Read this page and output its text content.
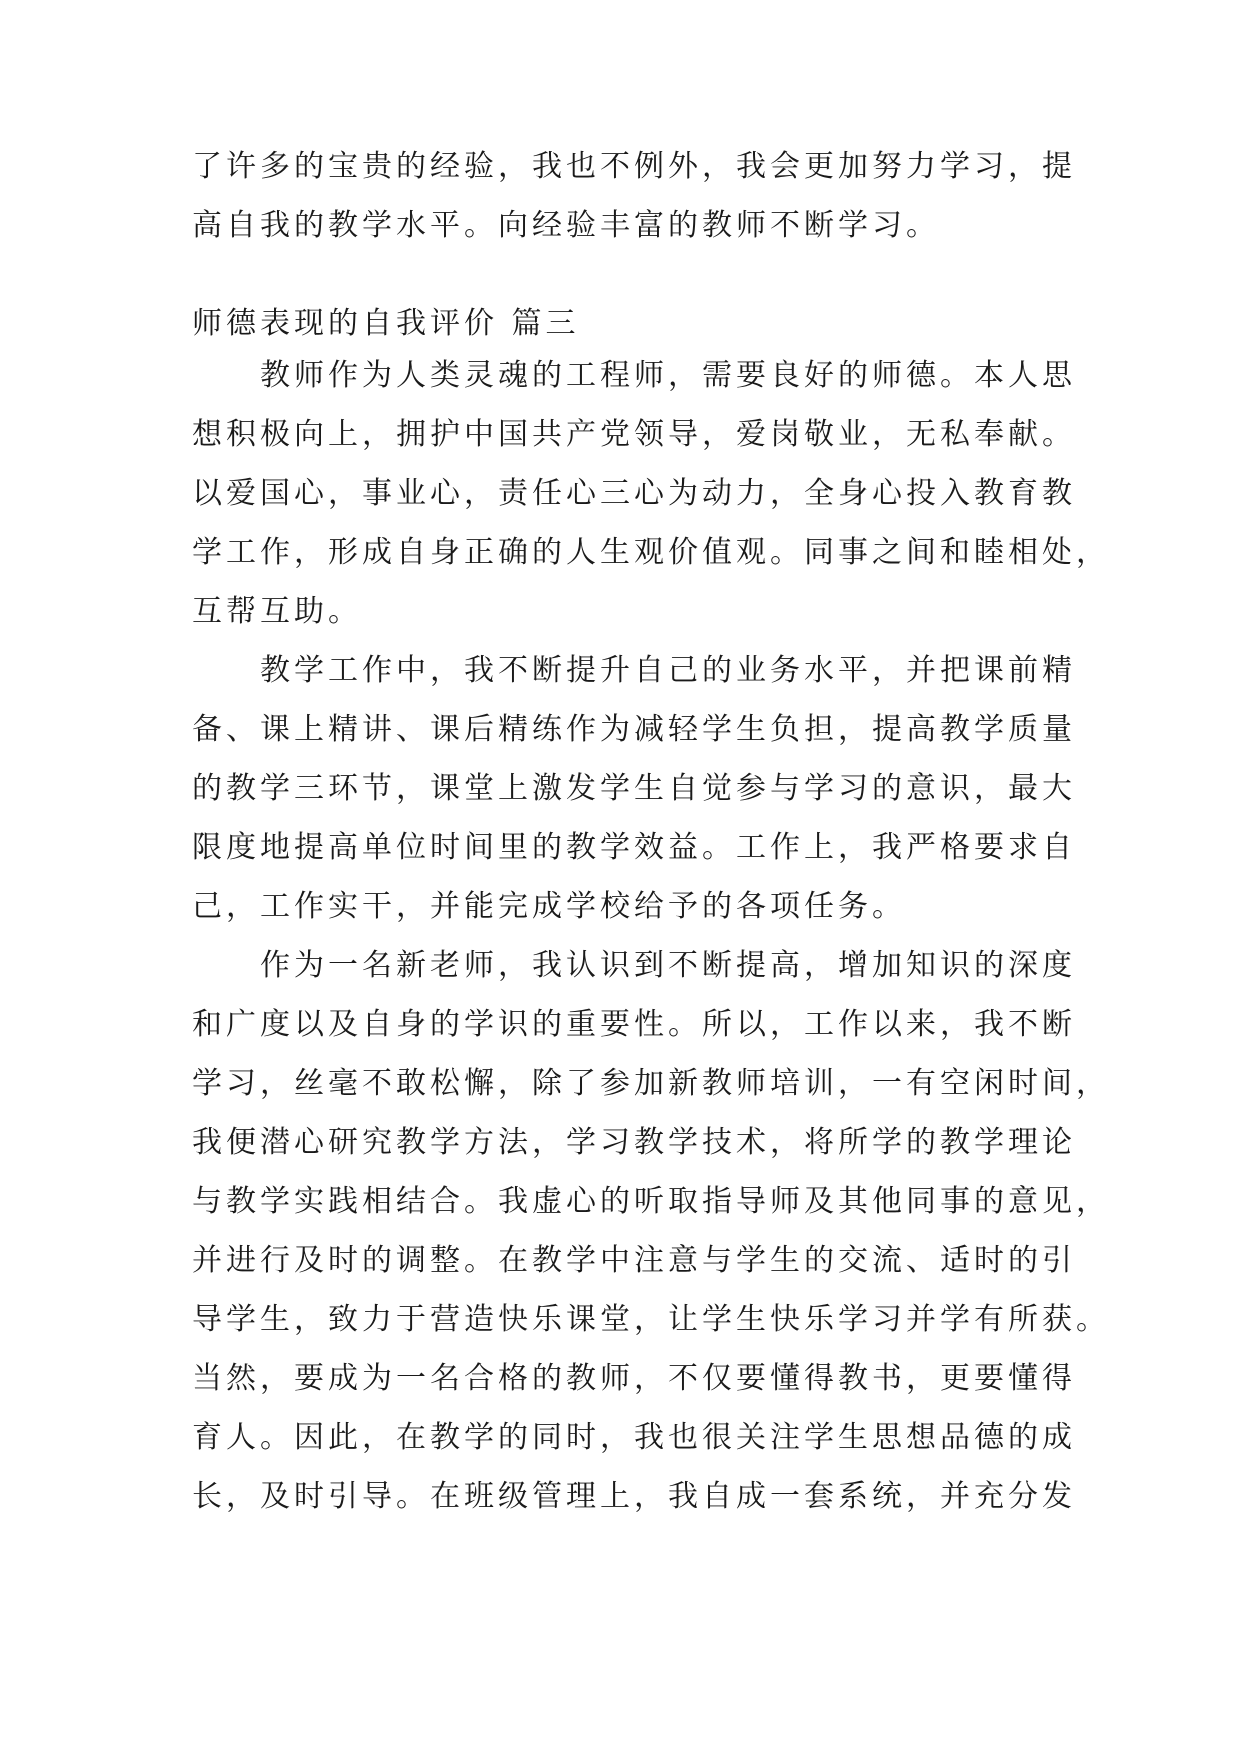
了许多的宝贵的经验，我也不例外，我会更加努力学习，提
高自我的教学水平。向经验丰富的教师不断学习。
师德表现的自我评价 篇三
教师作为人类灵魂的工程师，需要良好的师德。本人思
想积极向上，拥护中国共产党领导，爱岗敬业，无私奉献。
以爱国心，事业心，责任心三心为动力，全身心投入教育教
学工作，形成自身正确的人生观价值观。同事之间和睦相处，
互帮互助。
教学工作中，我不断提升自己的业务水平，并把课前精
备、课上精讲、课后精练作为减轻学生负担，提高教学质量
的教学三环节，课堂上激发学生自觉参与学习的意识，最大
限度地提高单位时间里的教学效益。工作上，我严格要求自
己，工作实干，并能完成学校给予的各项任务。
作为一名新老师，我认识到不断提高，增加知识的深度
和广度以及自身的学识的重要性。所以，工作以来，我不断
学习，丝毫不敢松懈，除了参加新教师培训，一有空闲时间，
我便潜心研究教学方法，学习教学技术，将所学的教学理论
与教学实践相结合。我虚心的听取指导师及其他同事的意见，
并进行及时的调整。在教学中注意与学生的交流、适时的引
导学生，致力于营造快乐课堂，让学生快乐学习并学有所获。
当然，要成为一名合格的教师，不仅要懂得教书，更要懂得
育人。因此，在教学的同时，我也很关注学生思想品德的成
长，及时引导。在班级管理上，我自成一套系统，并充分发
